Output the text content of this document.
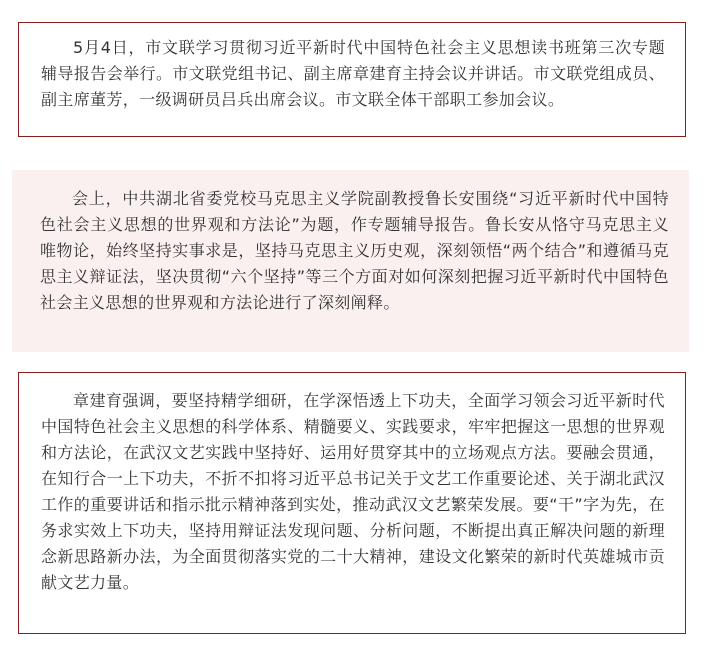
5月4日，市文联学习贯彻习近平新时代中国特色社会主义思想读书班第三次专题辅导报告会举行。市文联党组书记、副主席章建育主持会议并讲话。市文联党组成员、副主席董芳，一级调研员吕兵出席会议。市文联全体干部职工参加会议。

会上，中共湖北省委党校马克思主义学院副教授鲁长安围绕“习近平新时代中国特色社会主义思想的世界观和方法论”为题，作专题辅导报告。鲁长安从恪守马克思主义唯物论，始终坚持实事求是，坚持马克思主义历史观，深刻领悟“两个结合”和遵循马克思主义辩证法，坚决贯彻“六个坚持”等三个方面对如何深刻把握习近平新时代中国特色社会主义思想的世界观和方法论进行了深刻阐释。

章建育强调，要坚持精学细研，在学深悟透上下功夫，全面学习领会习近平新时代中国特色社会主义思想的科学体系、精髓要义、实践要求，牢牢把握这一思想的世界观和方法论，在武汉文艺实践中坚持好、运用好贯穿其中的立场观点方法。要融会贯通，在知行合一上下功夫，不折不扣将习近平总书记关于文艺工作重要论述、关于湖北武汉工作的重要讲话和指示批示精神落到实处，推动武汉文艺繁荣发展。要“干”字为先，在务求实效上下功夫，坚持用辩证法发现问题、分析问题，不断提出真正解决问题的新理念新思路新办法，为全面贯彻落实党的二十大精神，建设文化繁荣的新时代英雄城市贡献文艺力量。
